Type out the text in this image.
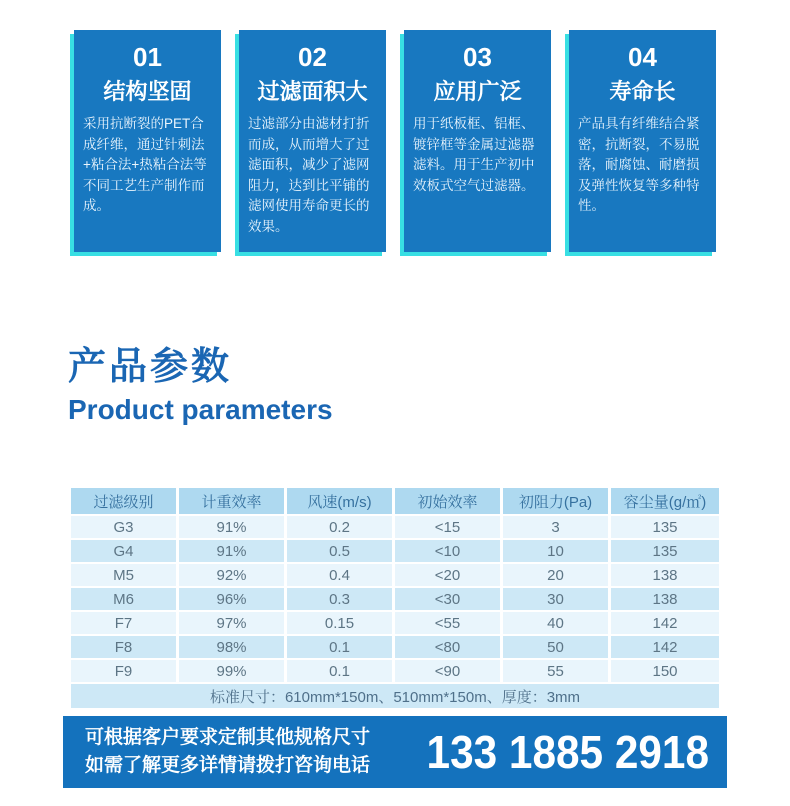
01
结构坚固
采用抗断裂的PET合成纤维，通过针刺法+粘合法+热粘合法等不同工艺生产制作而成。
02
过滤面积大
过滤部分由滤材打折而成，从而增大了过滤面积，减少了滤网阻力，达到比平铺的滤网使用寿命更长的效果。
03
应用广泛
用于纸板框、铝框、镀锌框等金属过滤器滤料。用于生产初中效板式空气过滤器。
04
寿命长
产品具有纤维结合紧密，抗断裂，不易脱落，耐腐蚀、耐磨损及弹性恢复等多种特性。
产品参数
Product parameters
过滤级别	计重效率	风速(m/s)	初始效率	初阻力(Pa)	容尘量(g/㎡)
G3	91%	0.2	<15	3	135
G4	91%	0.5	<10	10	135
M5	92%	0.4	<20	20	138
M6	96%	0.3	<30	30	138
F7	97%	0.15	<55	40	142
F8	98%	0.1	<80	50	142
F9	99%	0.1	<90	55	150
标准尺寸：610mm*150m、510mm*150m、厚度：3mm					
可根据客户要求定制其他规格尺寸
如需了解更多详情请拨打咨询电话 133 1885 2918
